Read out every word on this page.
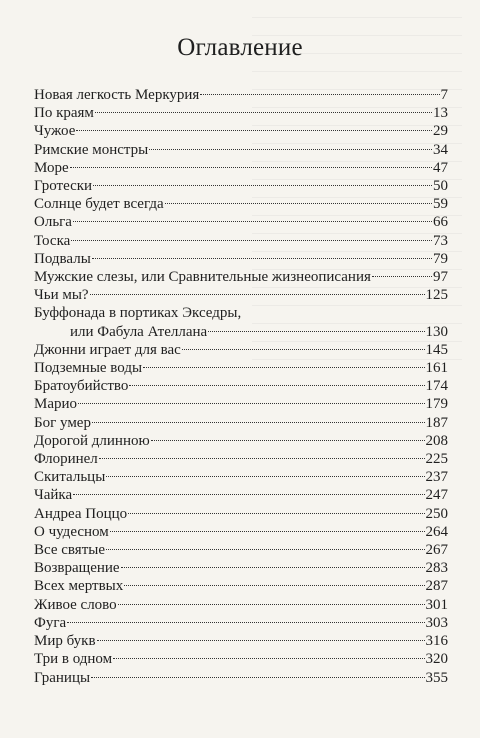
Оглавление
Новая легкость Меркурия	7
По краям	13
Чужое	29
Римские монстры	34
Море	47
Гротески	50
Солнце будет всегда	59
Ольга	66
Тоска	73
Подвалы	79
Мужские слезы, или Сравнительные жизнеописания	97
Чьи мы?	125
Буффонада в портиках Экседры,
или Фабула Ателлана	130
Джонни играет для вас	145
Подземные воды	161
Братоубийство	174
Марио	179
Бог умер	187
Дорогой длинною	208
Флоринел	225
Скитальцы	237
Чайка	247
Андреа Поццо	250
О чудесном	264
Все святые	267
Возвращение	283
Всех мертвых	287
Живое слово	301
Фуга	303
Мир букв	316
Три в одном	320
Границы	355
